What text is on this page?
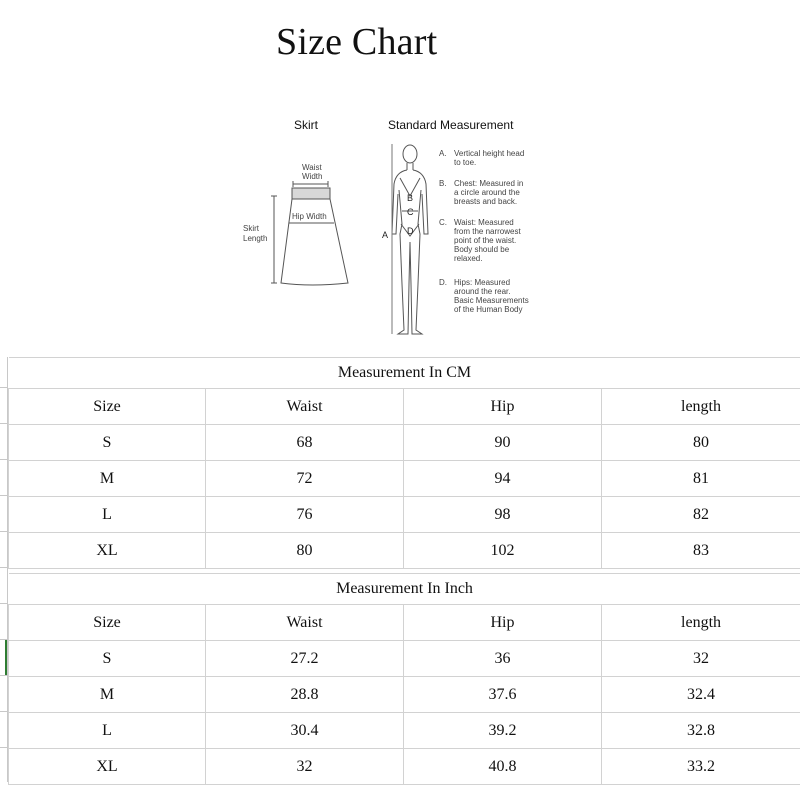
Size Chart
Skirt
Waist
Width
Hip Width
Skirt
Length
Standard Measurement
A
B
C
D
A. Vertical height head
to toe.
B. Chest: Measured in
a circle around the
breasts and back.
C. Waist: Measured
from the narrowest
point of the waist.
Body should be
relaxed.
D. Hips: Measured
around the rear.
Basic Measurements
of the Human Body
Measurement In CM			
Size	Waist	Hip	length
S	68	90	80
M	72	94	81
L	76	98	82
XL	80	102	83
Measurement In Inch			
Size	Waist	Hip	length
S	27.2	36	32
M	28.8	37.6	32.4
L	30.4	39.2	32.8
XL	32	40.8	33.2
